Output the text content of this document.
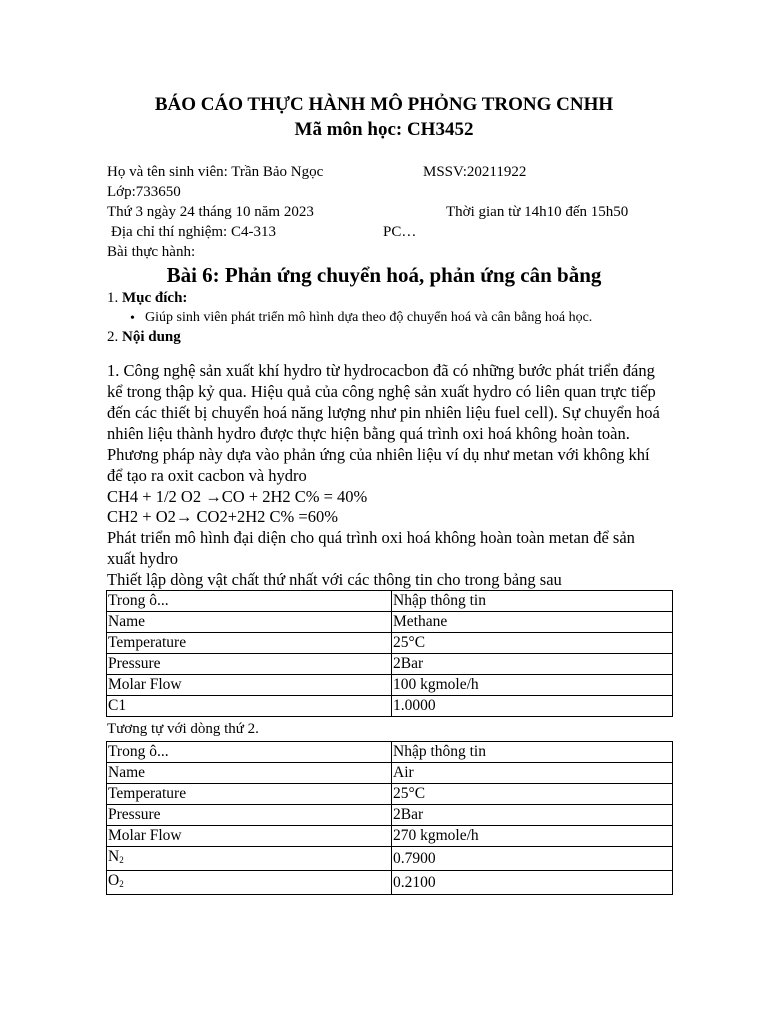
BÁO CÁO THỰC HÀNH MÔ PHỎNG TRONG CNHH
Mã môn học: CH3452
Họ và tên sinh viên: Trần Bảo Ngọc	MSSV:20211922
Lớp:733650
Thứ 3 ngày 24 tháng 10 năm 2023	Thời gian từ 14h10 đến 15h50
Địa chỉ thí nghiệm: C4-313	PC…
Bài thực hành:
Bài 6: Phản ứng chuyển hoá, phản ứng cân bằng
1. Mục đích:
• Giúp sinh viên phát triển mô hình dựa theo độ chuyển hoá và cân bằng hoá học.
2. Nội dung
1. Công nghệ sản xuất khí hydro từ hydrocacbon đã có những bước phát triển đáng
kể trong thập kỷ qua. Hiệu quả của công nghệ sản xuất hydro có liên quan trực tiếp
đến các thiết bị chuyển hoá năng lượng như pin nhiên liệu fuel cell). Sự chuyển hoá
nhiên liệu thành hydro được thực hiện bằng quá trình oxi hoá không hoàn toàn.
Phương pháp này dựa vào phản ứng của nhiên liệu ví dụ như metan với không khí
để tạo ra oxit cacbon và hydro
CH4 + 1/2 O2 →CO + 2H2 C% = 40%
CH2 + O2→ CO2+2H2 C% =60%
Phát triển mô hình đại diện cho quá trình oxi hoá không hoàn toàn metan để sản
xuất hydro
Thiết lập dòng vật chất thứ nhất với các thông tin cho trong bảng sau
Trong ô...	Nhập thông tin
Name	Methane
Temperature	25°C
Pressure	2Bar
Molar Flow	100 kgmole/h
C1	1.0000
Tương tự với dòng thứ 2.
Trong ô...	Nhập thông tin
Name	Air
Temperature	25°C
Pressure	2Bar
Molar Flow	270 kgmole/h
$N_2$	0.7900
$O_2$	0.2100
